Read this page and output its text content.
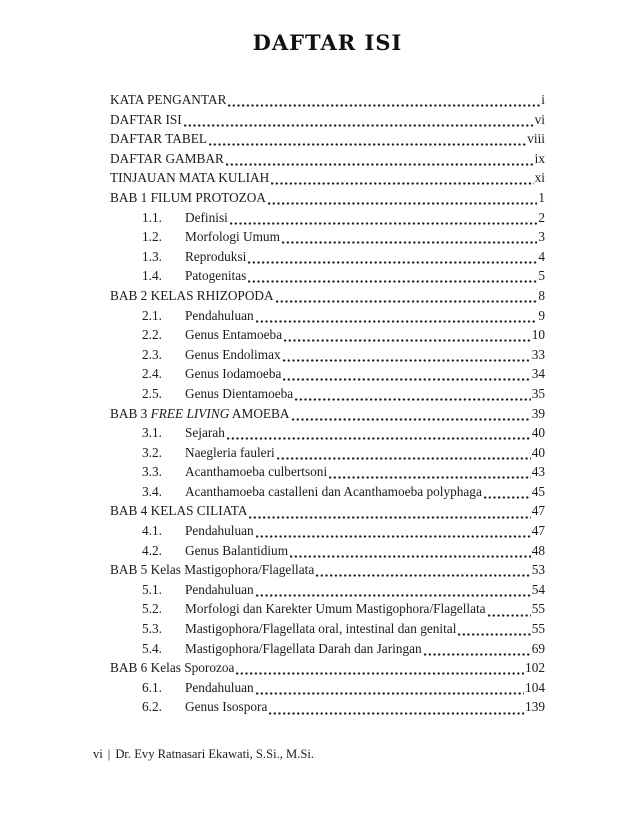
DAFTAR ISI
KATA PENGANTAR	i
DAFTAR ISI	vi
DAFTAR TABEL	viii
DAFTAR GAMBAR	ix
TINJAUAN MATA KULIAH	xi
BAB 1 FILUM PROTOZOA	1
1.1.	Definisi	2
1.2.	Morfologi Umum	3
1.3.	Reproduksi	4
1.4.	Patogenitas	5
BAB 2 KELAS RHIZOPODA	8
2.1.	Pendahuluan	9
2.2.	Genus Entamoeba	10
2.3.	Genus Endolimax	33
2.4.	Genus Iodamoeba	34
2.5.	Genus Dientamoeba	35
BAB 3 FREE LIVING AMOEBA	39
3.1.	Sejarah	40
3.2.	Naegleria fauleri	40
3.3.	Acanthamoeba culbertsoni	43
3.4.	Acanthamoeba castalleni dan Acanthamoeba polyphaga	45
BAB 4 KELAS CILIATA	47
4.1.	Pendahuluan	47
4.2.	Genus Balantidium	48
BAB 5 Kelas Mastigophora/Flagellata	53
5.1.	Pendahuluan	54
5.2.	Morfologi dan Karekter Umum Mastigophora/Flagellata	55
5.3.	Mastigophora/Flagellata oral, intestinal dan genital	55
5.4.	Mastigophora/Flagellata Darah dan Jaringan	69
BAB 6 Kelas Sporozoa	102
6.1.	Pendahuluan	104
6.2.	Genus Isospora	139
vi | Dr. Evy Ratnasari Ekawati, S.Si., M.Si.
